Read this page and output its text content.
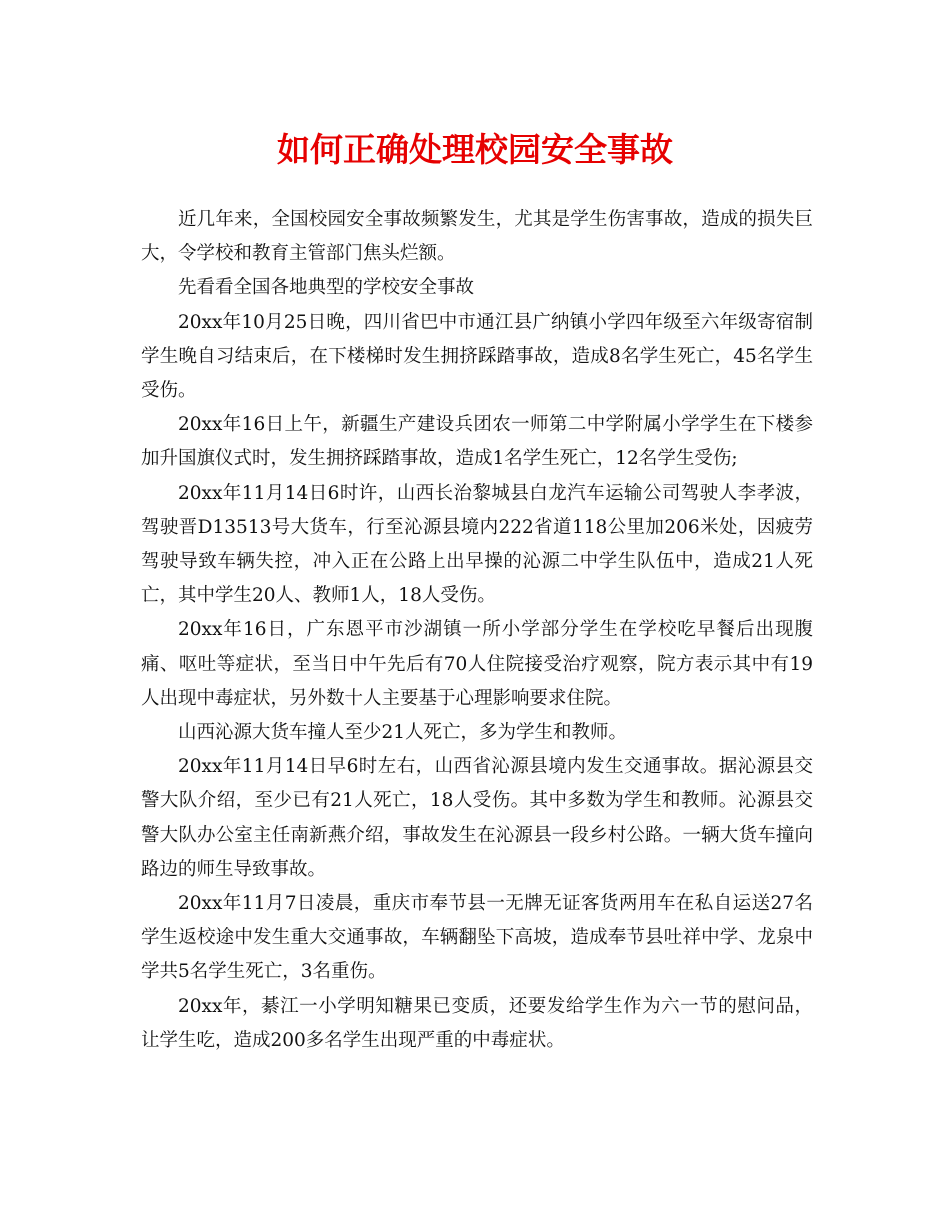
如何正确处理校园安全事故

近几年来，全国校园安全事故频繁发生，尤其是学生伤害事故，造成的损失巨大，令学校和教育主管部门焦头烂额。

先看看全国各地典型的学校安全事故

20xx年10月25日晚，四川省巴中市通江县广纳镇小学四年级至六年级寄宿制学生晚自习结束后，在下楼梯时发生拥挤踩踏事故，造成8名学生死亡，45名学生受伤。

20xx年16日上午，新疆生产建设兵团农一师第二中学附属小学学生在下楼参加升国旗仪式时，发生拥挤踩踏事故，造成1名学生死亡，12名学生受伤;

20xx年11月14日6时许，山西长治黎城县白龙汽车运输公司驾驶人李孝波，驾驶晋D13513号大货车，行至沁源县境内222省道118公里加206米处，因疲劳驾驶导致车辆失控，冲入正在公路上出早操的沁源二中学生队伍中，造成21人死亡，其中学生20人、教师1人，18人受伤。

20xx年16日，广东恩平市沙湖镇一所小学部分学生在学校吃早餐后出现腹痛、呕吐等症状，至当日中午先后有70人住院接受治疗观察，院方表示其中有19人出现中毒症状，另外数十人主要基于心理影响要求住院。

山西沁源大货车撞人至少21人死亡，多为学生和教师。

20xx年11月14日早6时左右，山西省沁源县境内发生交通事故。据沁源县交警大队介绍，至少已有21人死亡，18人受伤。其中多数为学生和教师。沁源县交警大队办公室主任南新燕介绍，事故发生在沁源县一段乡村公路。一辆大货车撞向路边的师生导致事故。

20xx年11月7日凌晨，重庆市奉节县一无牌无证客货两用车在私自运送27名学生返校途中发生重大交通事故，车辆翻坠下高坡，造成奉节县吐祥中学、龙泉中学共5名学生死亡，3名重伤。

20xx年，綦江一小学明知糖果已变质，还要发给学生作为六一节的慰问品，让学生吃，造成200多名学生出现严重的中毒症状。
